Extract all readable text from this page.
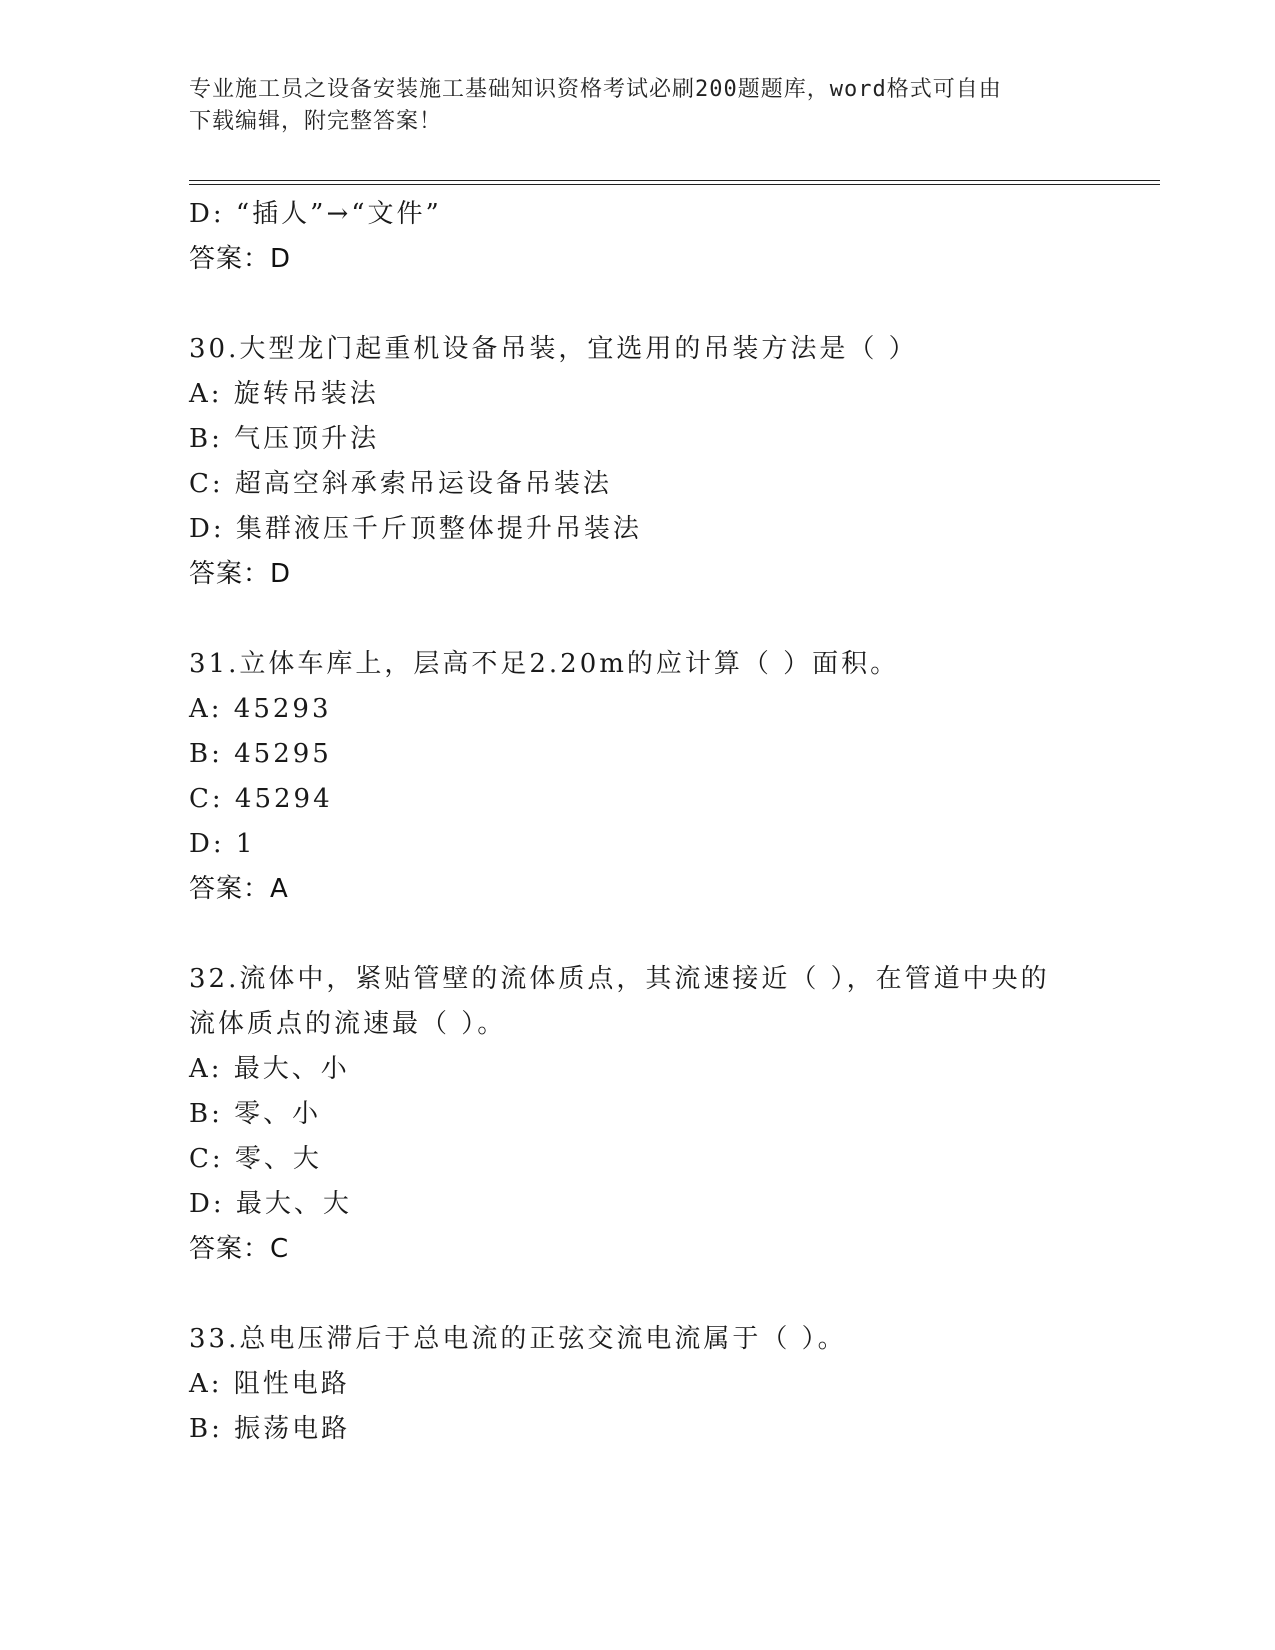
专业施工员之设备安装施工基础知识资格考试必刷200题题库，word格式可自由
下载编辑，附完整答案！
D: “插人”→“文件”
答案：D
30.大型龙门起重机设备吊装，宜选用的吊装方法是（ ）
A: 旋转吊装法
B: 气压顶升法
C: 超高空斜承索吊运设备吊装法
D: 集群液压千斤顶整体提升吊装法
答案：D
31.立体车库上，层高不足2.20m的应计算（ ）面积。
A: 45293
B: 45295
C: 45294
D: 1
答案：A
32.流体中，紧贴管壁的流体质点，其流速接近（ ），在管道中央的
流体质点的流速最（ ）。
A: 最大、小
B: 零、小
C: 零、大
D: 最大、大
答案：C
33.总电压滞后于总电流的正弦交流电流属于（ ）。
A: 阻性电路
B: 振荡电路
